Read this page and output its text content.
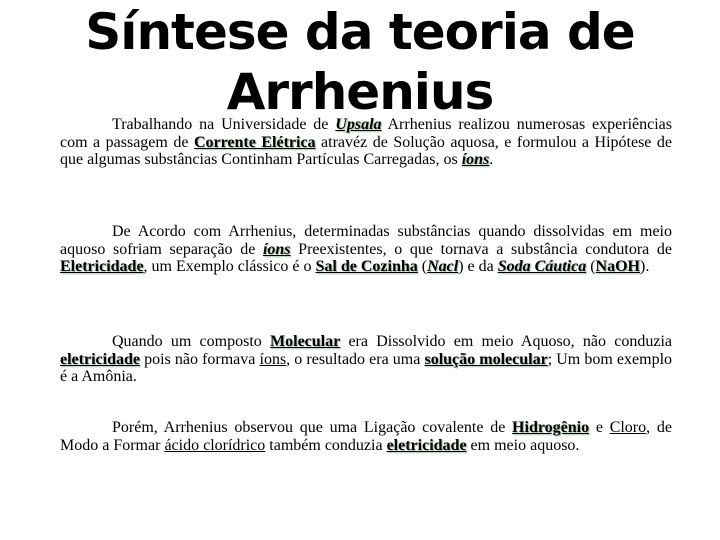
Síntese da teoria de Arrhenius

Trabalhando na Universidade de Upsala Arrhenius realizou numerosas experiências com a passagem de Corrente Elétrica atravéz de Solução aquosa, e formulou a Hipótese de que algumas substâncias Continham Partículas Carregadas, os íons.

De Acordo com Arrhenius, determinadas substâncias quando dissolvidas em meio aquoso sofriam separação de íons Preexistentes, o que tornava a substância condutora de Eletricidade, um Exemplo clássico é o Sal de Cozinha (Nacl) e da Soda Cáutica (NaOH).

Quando um composto Molecular era Dissolvido em meio Aquoso, não conduzia eletricidade pois não formava íons, o resultado era uma solução molecular; Um bom exemplo é a Amônia.

Porém, Arrhenius observou que uma Ligação covalente de Hidrogênio e Cloro, de Modo a Formar ácido clorídrico também conduzia eletricidade em meio aquoso.
